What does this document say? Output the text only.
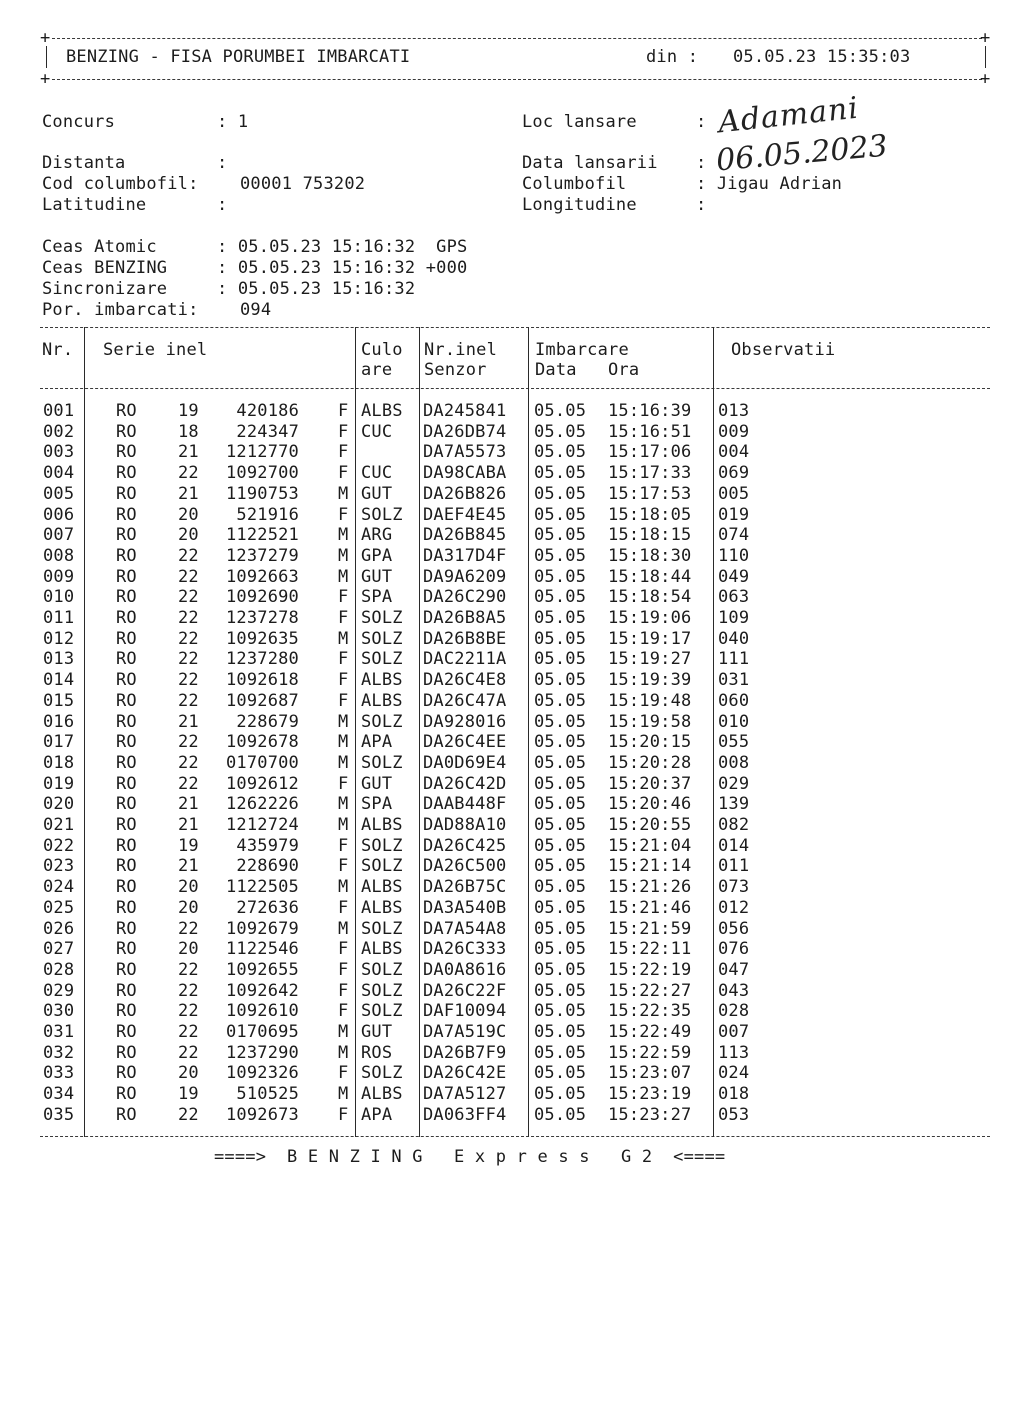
+	+
BENZING - FISA PORUMBEI IMBARCATI	din : 05.05.23 15:35:03
+	+
Concurs	: 1	Loc lansare	: Adamani
Distanta	:	Data lansarii : 06.05.2023
Cod columbofil: 00001 753202	Columbofil	: Jigau Adrian
Latitudine	:	Longitudine	:
Ceas Atomic	: 05.05.23 15:16:32  GPS
Ceas BENZING	: 05.05.23 15:16:32 +000
Sincronizare	: 05.05.23 15:16:32
Por. imbarcati: 094
Nr. Serie inel	Culo
are
Nr.inel
Senzor
Imbarcare
Data Ora
Observatii
001 RO 19 420186 F ALBS DA245841 05.05 15:16:39 013
002 RO 18 224347 F CUC DA26DB74 05.05 15:16:51 009
003 RO 21 1212770 F	DA7A5573 05.05 15:17:06 004
004 RO 22 1092700 F CUC DA98CABA 05.05 15:17:33 069
005 RO 21 1190753 M GUT DA26B826 05.05 15:17:53 005
006 RO 20 521916 F SOLZ DAEF4E45 05.05 15:18:05 019
007 RO 20 1122521 M ARG DA26B845 05.05 15:18:15 074
008 RO 22 1237279 M GPA DA317D4F 05.05 15:18:30 110
009 RO 22 1092663 M GUT DA9A6209 05.05 15:18:44 049
010 RO 22 1092690 F SPA DA26C290 05.05 15:18:54 063
011 RO 22 1237278 F SOLZ DA26B8A5 05.05 15:19:06 109
012 RO 22 1092635 M SOLZ DA26B8BE 05.05 15:19:17 040
013 RO 22 1237280 F SOLZ DAC2211A 05.05 15:19:27 111
014 RO 22 1092618 F ALBS DA26C4E8 05.05 15:19:39 031
015 RO 22 1092687 F ALBS DA26C47A 05.05 15:19:48 060
016 RO 21 228679 M SOLZ DA928016 05.05 15:19:58 010
017 RO 22 1092678 M APA DA26C4EE 05.05 15:20:15 055
018 RO 22 0170700 M SOLZ DA0D69E4 05.05 15:20:28 008
019 RO 22 1092612 F GUT DA26C42D 05.05 15:20:37 029
020 RO 21 1262226 M SPA DAAB448F 05.05 15:20:46 139
021 RO 21 1212724 M ALBS DAD88A10 05.05 15:20:55 082
022 RO 19 435979 F SOLZ DA26C425 05.05 15:21:04 014
023 RO 21 228690 F SOLZ DA26C500 05.05 15:21:14 011
024 RO 20 1122505 M ALBS DA26B75C 05.05 15:21:26 073
025 RO 20 272636 F ALBS DA3A540B 05.05 15:21:46 012
026 RO 22 1092679 M SOLZ DA7A54A8 05.05 15:21:59 056
027 RO 20 1122546 F ALBS DA26C333 05.05 15:22:11 076
028 RO 22 1092655 F SOLZ DA0A8616 05.05 15:22:19 047
029 RO 22 1092642 F SOLZ DA26C22F 05.05 15:22:27 043
030 RO 22 1092610 F SOLZ DAF10094 05.05 15:22:35 028
031 RO 22 0170695 M GUT DA7A519C 05.05 15:22:49 007
032 RO 22 1237290 M ROS DA26B7F9 05.05 15:22:59 113
033 RO 20 1092326 F SOLZ DA26C42E 05.05 15:23:07 024
034 RO 19 510525 M ALBS DA7A5127 05.05 15:23:19 018
035 RO 22 1092673 F APA DA063FF4 05.05 15:23:27 053
====>  B E N Z I N G   E x p r e s s   G 2  <====
